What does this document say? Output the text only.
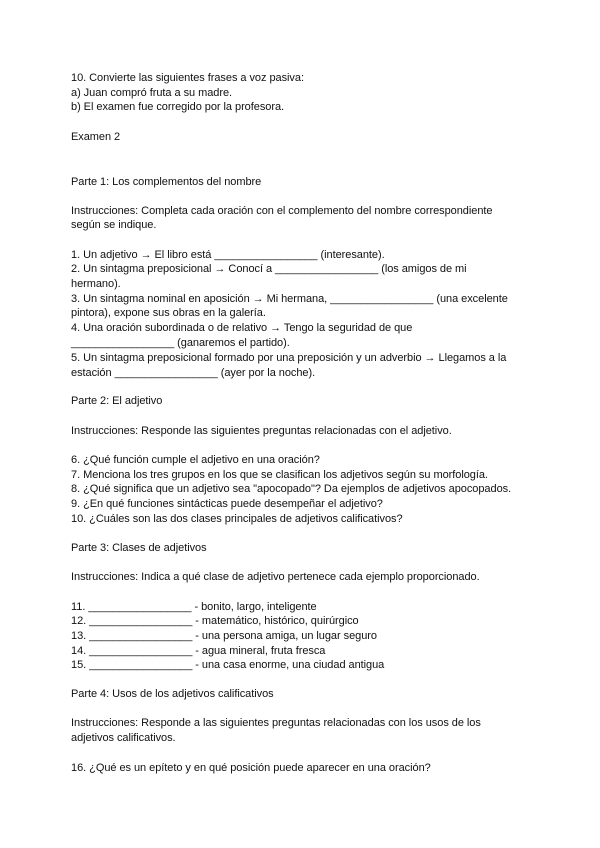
10. Convierte las siguientes frases a voz pasiva:
a) Juan compró fruta a su madre.
b) El examen fue corregido por la profesora.
Examen 2
Parte 1: Los complementos del nombre
Instrucciones: Completa cada oración con el complemento del nombre correspondiente
según se indique.
1. Un adjetivo → El libro está _________________ (interesante).
2. Un sintagma preposicional → Conocí a _________________ (los amigos de mi
hermano).
3. Un sintagma nominal en aposición → Mi hermana, _________________ (una excelente
pintora), expone sus obras en la galería.
4. Una oración subordinada o de relativo → Tengo la seguridad de que
_________________ (ganaremos el partido).
5. Un sintagma preposicional formado por una preposición y un adverbio → Llegamos a la
estación _________________ (ayer por la noche).
Parte 2: El adjetivo
Instrucciones: Responde las siguientes preguntas relacionadas con el adjetivo.
6. ¿Qué función cumple el adjetivo en una oración?
7. Menciona los tres grupos en los que se clasifican los adjetivos según su morfología.
8. ¿Qué significa que un adjetivo sea "apocopado"? Da ejemplos de adjetivos apocopados.
9. ¿En qué funciones sintácticas puede desempeñar el adjetivo?
10. ¿Cuáles son las dos clases principales de adjetivos calificativos?
Parte 3: Clases de adjetivos
Instrucciones: Indica a qué clase de adjetivo pertenece cada ejemplo proporcionado.
11. _________________ - bonito, largo, inteligente
12. _________________ - matemático, histórico, quirúrgico
13. _________________ - una persona amiga, un lugar seguro
14. _________________ - agua mineral, fruta fresca
15. _________________ - una casa enorme, una ciudad antigua
Parte 4: Usos de los adjetivos calificativos
Instrucciones: Responde a las siguientes preguntas relacionadas con los usos de los
adjetivos calificativos.
16. ¿Qué es un epíteto y en qué posición puede aparecer en una oración?
